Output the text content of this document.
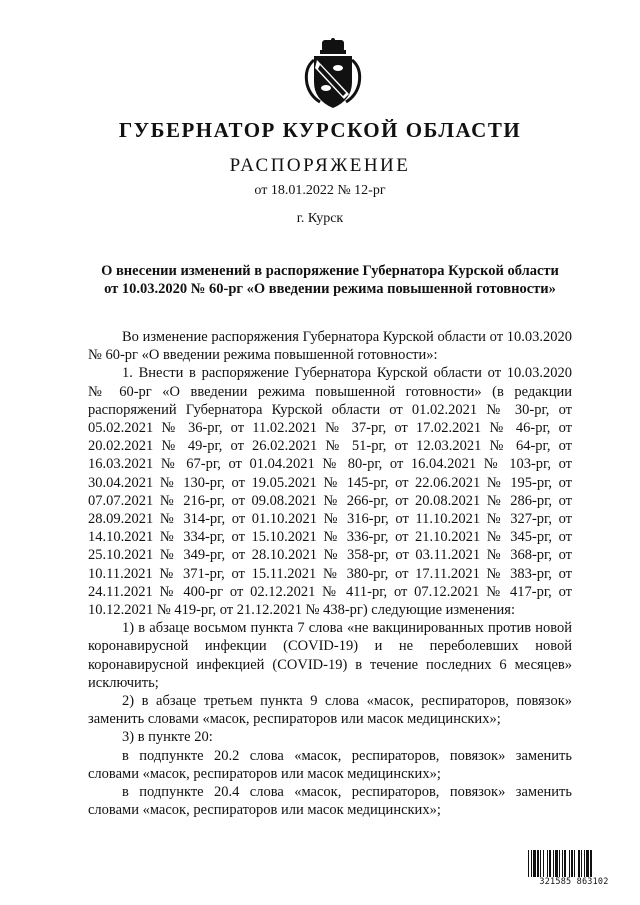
ГУБЕРНАТОР КУРСКОЙ ОБЛАСТИ
РАСПОРЯЖЕНИЕ
от 18.01.2022 № 12-рг
г. Курск
О внесении изменений в распоряжение Губернатора Курской области
от 10.03.2020 № 60-рг «О введении режима повышенной готовности»

Во изменение распоряжения Губернатора Курской области от 10.03.2020 № 60-рг «О введении режима повышенной готовности»:

1. Внести в распоряжение Губернатора Курской области от 10.03.2020 № 60-рг «О введении режима повышенной готовности» (в редакции распоряжений Губернатора Курской области от 01.02.2021 № 30-рг, от 05.02.2021 № 36-рг, от 11.02.2021 № 37-рг, от 17.02.2021 № 46-рг, от 20.02.2021 № 49-рг, от 26.02.2021 № 51-рг, от 12.03.2021 № 64-рг, от 16.03.2021 № 67-рг, от 01.04.2021 № 80-рг, от 16.04.2021 № 103-рг, от 30.04.2021 № 130-рг, от 19.05.2021 № 145-рг, от 22.06.2021 № 195-рг, от 07.07.2021 № 216-рг, от 09.08.2021 № 266-рг, от 20.08.2021 № 286-рг, от 28.09.2021 № 314-рг, от 01.10.2021 № 316-рг, от 11.10.2021 № 327-рг, от 14.10.2021 № 334-рг, от 15.10.2021 № 336-рг, от 21.10.2021 № 345-рг, от 25.10.2021 № 349-рг, от 28.10.2021 № 358-рг, от 03.11.2021 № 368-рг, от 10.11.2021 № 371-рг, от 15.11.2021 № 380-рг, от 17.11.2021 № 383-рг, от 24.11.2021 № 400-рг от 02.12.2021 № 411-рг, от 07.12.2021 № 417-рг, от 10.12.2021 № 419-рг, от 21.12.2021 № 438-рг) следующие изменения:

1) в абзаце восьмом пункта 7 слова «не вакцинированных против новой коронавирусной инфекции (COVID-19) и не переболевших новой коронавирусной инфекцией (COVID-19) в течение последних 6 месяцев» исключить;

2) в абзаце третьем пункта 9 слова «масок, респираторов, повязок» заменить словами «масок, респираторов или масок медицинских»;

3) в пункте 20:

в подпункте 20.2 слова «масок, респираторов, повязок» заменить словами «масок, респираторов или масок медицинских»;

в подпункте 20.4 слова «масок, респираторов, повязок» заменить словами «масок, респираторов или масок медицинских»;

321585 863102
